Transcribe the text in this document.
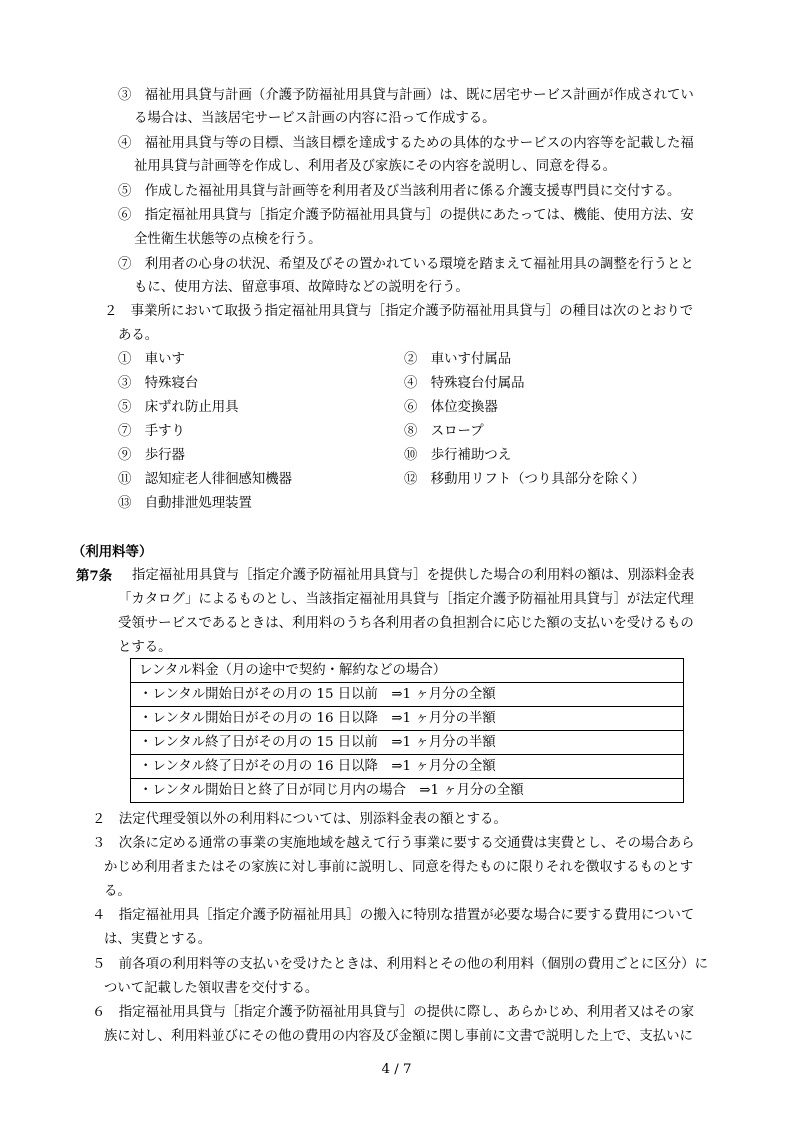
③　福祉用具貸与計画（介護予防福祉用具貸与計画）は、既に居宅サービス計画が作成されてい
る場合は、当該居宅サービス計画の内容に沿って作成する。
④　福祉用具貸与等の目標、当該目標を達成するための具体的なサービスの内容等を記載した福
祉用具貸与計画等を作成し、利用者及び家族にその内容を説明し、同意を得る。
⑤　作成した福祉用具貸与計画等を利用者及び当該利用者に係る介護支援専門員に交付する。
⑥　指定福祉用具貸与［指定介護予防福祉用具貸与］の提供にあたっては、機能、使用方法、安
全性衛生状態等の点検を行う。
⑦　利用者の心身の状況、希望及びその置かれている環境を踏まえて福祉用具の調整を行うとと
もに、使用方法、留意事項、故障時などの説明を行う。
２　事業所において取扱う指定福祉用具貸与［指定介護予防福祉用具貸与］の種目は次のとおりで
ある。
①　 車いす	②　 車いす付属品
③　 特殊寝台	④　 特殊寝台付属品
⑤　 床ずれ防止用具	⑥　 体位変換器
⑦　 手すり	⑧　 スロープ
⑨　 歩行器	⑩　 歩行補助つえ
⑪　 認知症老人徘徊感知機器	⑫　 移動用リフト（つり具部分を除く）
⑬　 自動排泄処理装置
（利用料等）
第7条 指定福祉用具貸与［指定介護予防福祉用具貸与］を提供した場合の利用料の額は、別添料金表
「カタログ」によるものとし、当該指定福祉用具貸与［指定介護予防福祉用具貸与］が法定代理
受領サービスであるときは、利用料のうち各利用者の負担割合に応じた額の支払いを受けるもの
とする。
レンタル料金（月の途中で契約・解約などの場合）
・レンタル開始日がその月の 15 日以前　⇒1 ヶ月分の全額
・レンタル開始日がその月の 16 日以降　⇒1 ヶ月分の半額
・レンタル終了日がその月の 15 日以前　⇒1 ヶ月分の半額
・レンタル終了日がその月の 16 日以降　⇒1 ヶ月分の全額
・レンタル開始日と終了日が同じ月内の場合　⇒1 ヶ月分の全額
２　法定代理受領以外の利用料については、別添料金表の額とする。
３　次条に定める通常の事業の実施地域を越えて行う事業に要する交通費は実費とし、その場合あら
かじめ利用者またはその家族に対し事前に説明し、同意を得たものに限りそれを徴収するものとす
る。
４　指定福祉用具［指定介護予防福祉用具］の搬入に特別な措置が必要な場合に要する費用について
は、実費とする。
５　前各項の利用料等の支払いを受けたときは、利用料とその他の利用料（個別の費用ごとに区分）に
ついて記載した領収書を交付する。
６　指定福祉用具貸与［指定介護予防福祉用具貸与］の提供に際し、あらかじめ、利用者又はその家
族に対し、利用料並びにその他の費用の内容及び金額に関し事前に文書で説明した上で、支払いに
4 / 7
